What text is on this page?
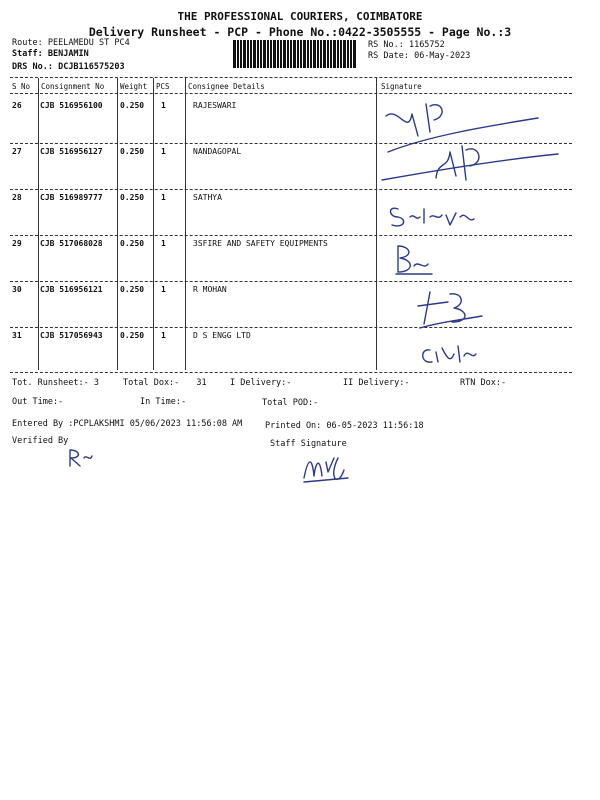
THE PROFESSIONAL COURIERS, COIMBATORE
Delivery Runsheet - PCP - Phone No.:0422-3505555 - Page No.:3
Route: PEELAMEDU ST PC4
Staff: BENJAMIN
DRS No.: DCJB116575203
RS No.: 1165752
RS Date: 06-May-2023
S No Consignment No Weight PCS Consignee Details	Signature
26 CJB 516956100 0.250 1	RAJESWARI
27 CJB 516956127 0.250 1	NANDAGOPAL
28 CJB 516989777 0.250 1	SATHYA
29 CJB 517068028 0.250 1	3SFIRE AND SAFETY EQUIPMENTS
30 CJB 516956121 0.250 1	R MOHAN
31 CJB 517056943 0.250 1	D S ENGG LTD
Tot. Runsheet:- 3	Total Dox:- 31	I Delivery:-	II Delivery:-	RTN Dox:-
Out Time:-	In Time:-	Total POD:-
Entered By :PCPLAKSHMI 05/06/2023 11:56:08 AM	Printed On: 06-05-2023 11:56:18
Verified By	Staff Signature
